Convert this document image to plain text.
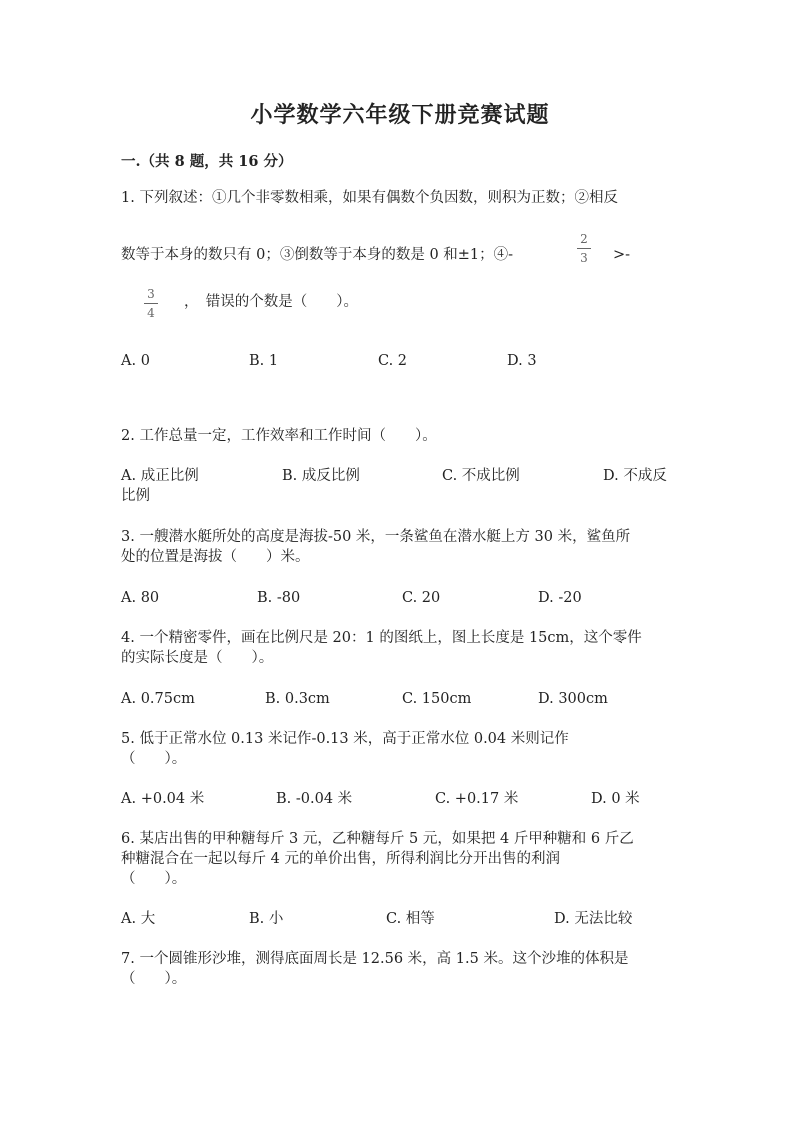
小学数学六年级下册竞赛试题
一.（共 8 题，共 16 分）
1. 下列叙述：①几个非零数相乘，如果有偶数个负因数，则积为正数；②相反
数等于本身的数只有 0；③倒数等于本身的数是 0 和±1；④-
2
3 >-
3
4
，　错误的个数是（　　）。
A. 0	B. 1	C. 2	D. 3
2. 工作总量一定，工作效率和工作时间（　　）。
A. 成正比例	B. 成反比例	C. 不成比例	D. 不成反
比例
3. 一艘潜水艇所处的高度是海拔-50 米，一条鲨鱼在潜水艇上方 30 米，鲨鱼所
处的位置是海拔（　　）米。
A. 80	B. -80	C. 20	D. -20
4. 一个精密零件，画在比例尺是 20：1 的图纸上，图上长度是 15cm，这个零件
的实际长度是（　　）。
A. 0.75cm	B. 0.3cm	C. 150cm	D. 300cm
5. 低于正常水位 0.13 米记作-0.13 米，高于正常水位 0.04 米则记作
（　　）。
A. +0.04 米	B. -0.04 米	C. +0.17 米	D. 0 米
6. 某店出售的甲种糖每斤 3 元，乙种糖每斤 5 元，如果把 4 斤甲种糖和 6 斤乙
种糖混合在一起以每斤 4 元的单价出售，所得利润比分开出售的利润
（　　）。
A. 大	B. 小	C. 相等	D. 无法比较
7. 一个圆锥形沙堆，测得底面周长是 12.56 米，高 1.5 米。这个沙堆的体积是
（　　）。
